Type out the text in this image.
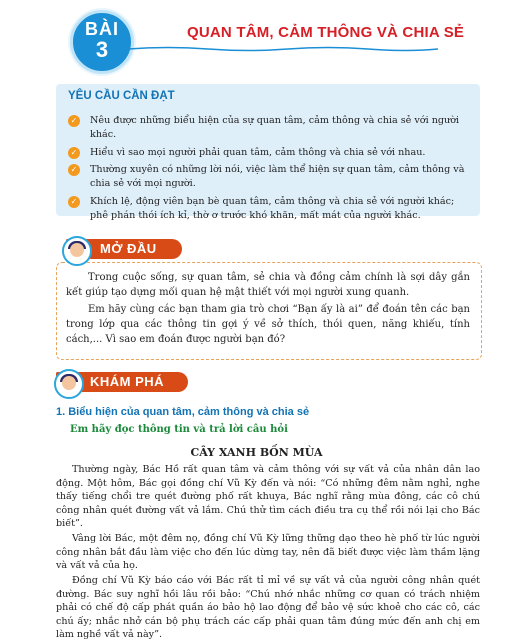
BÀI
3
QUAN TÂM, CẢM THÔNG VÀ CHIA SẺ
YÊU CẦU CẦN ĐẠT
✓ Nêu được những biểu hiện của sự quan tâm, cảm thông và chia sẻ với người khác.
✓ Hiểu vì sao mọi người phải quan tâm, cảm thông và chia sẻ với nhau.
✓ Thường xuyên có những lời nói, việc làm thể hiện sự quan tâm, cảm thông và chia sẻ với mọi người.
✓ Khích lệ, động viên bạn bè quan tâm, cảm thông và chia sẻ với người khác; phê phán thói ích kỉ, thờ ơ trước khó khăn, mất mát của người khác.
MỞ ĐẦU
Trong cuộc sống, sự quan tâm, sẻ chia và đồng cảm chính là sợi dây gắn kết giúp tạo dựng mối quan hệ mật thiết với mọi người xung quanh.
Em hãy cùng các bạn tham gia trò chơi “Bạn ấy là ai” để đoán tên các bạn trong lớp qua các thông tin gợi ý về sở thích, thói quen, năng khiếu, tính cách,... Vì sao em đoán được người bạn đó?
KHÁM PHÁ
1. Biểu hiện của quan tâm, cảm thông và chia sẻ
Em hãy đọc thông tin và trả lời câu hỏi
CÂY XANH BỐN MÙA
Thường ngày, Bác Hồ rất quan tâm và cảm thông với sự vất vả của nhân dân lao động. Một hôm, Bác gọi đồng chí Vũ Kỳ đến và nói: “Có những đêm nằm nghỉ, nghe thấy tiếng chổi tre quét đường phố rất khuya, Bác nghĩ rằng mùa đông, các cô chú công nhân quét đường vất vả lắm. Chú thử tìm cách điều tra cụ thể rồi nói lại cho Bác biết”.
Vâng lời Bác, một đêm nọ, đồng chí Vũ Kỳ lững thững dạo theo hè phố từ lúc người công nhân bắt đầu làm việc cho đến lúc dừng tay, nên đã biết được việc làm thầm lặng và vất vả của họ.
Đồng chí Vũ Kỳ báo cáo với Bác rất tỉ mỉ về sự vất vả của người công nhân quét đường. Bác suy nghĩ hồi lâu rồi bảo: “Chú nhớ nhắc những cơ quan có trách nhiệm phải có chế độ cấp phát quần áo bảo hộ lao động để bảo vệ sức khoẻ cho các cô, các chú ấy; nhắc nhở cán bộ phụ trách các cấp phải quan tâm đúng mức đến anh chị em làm nghề vất vả này”.
